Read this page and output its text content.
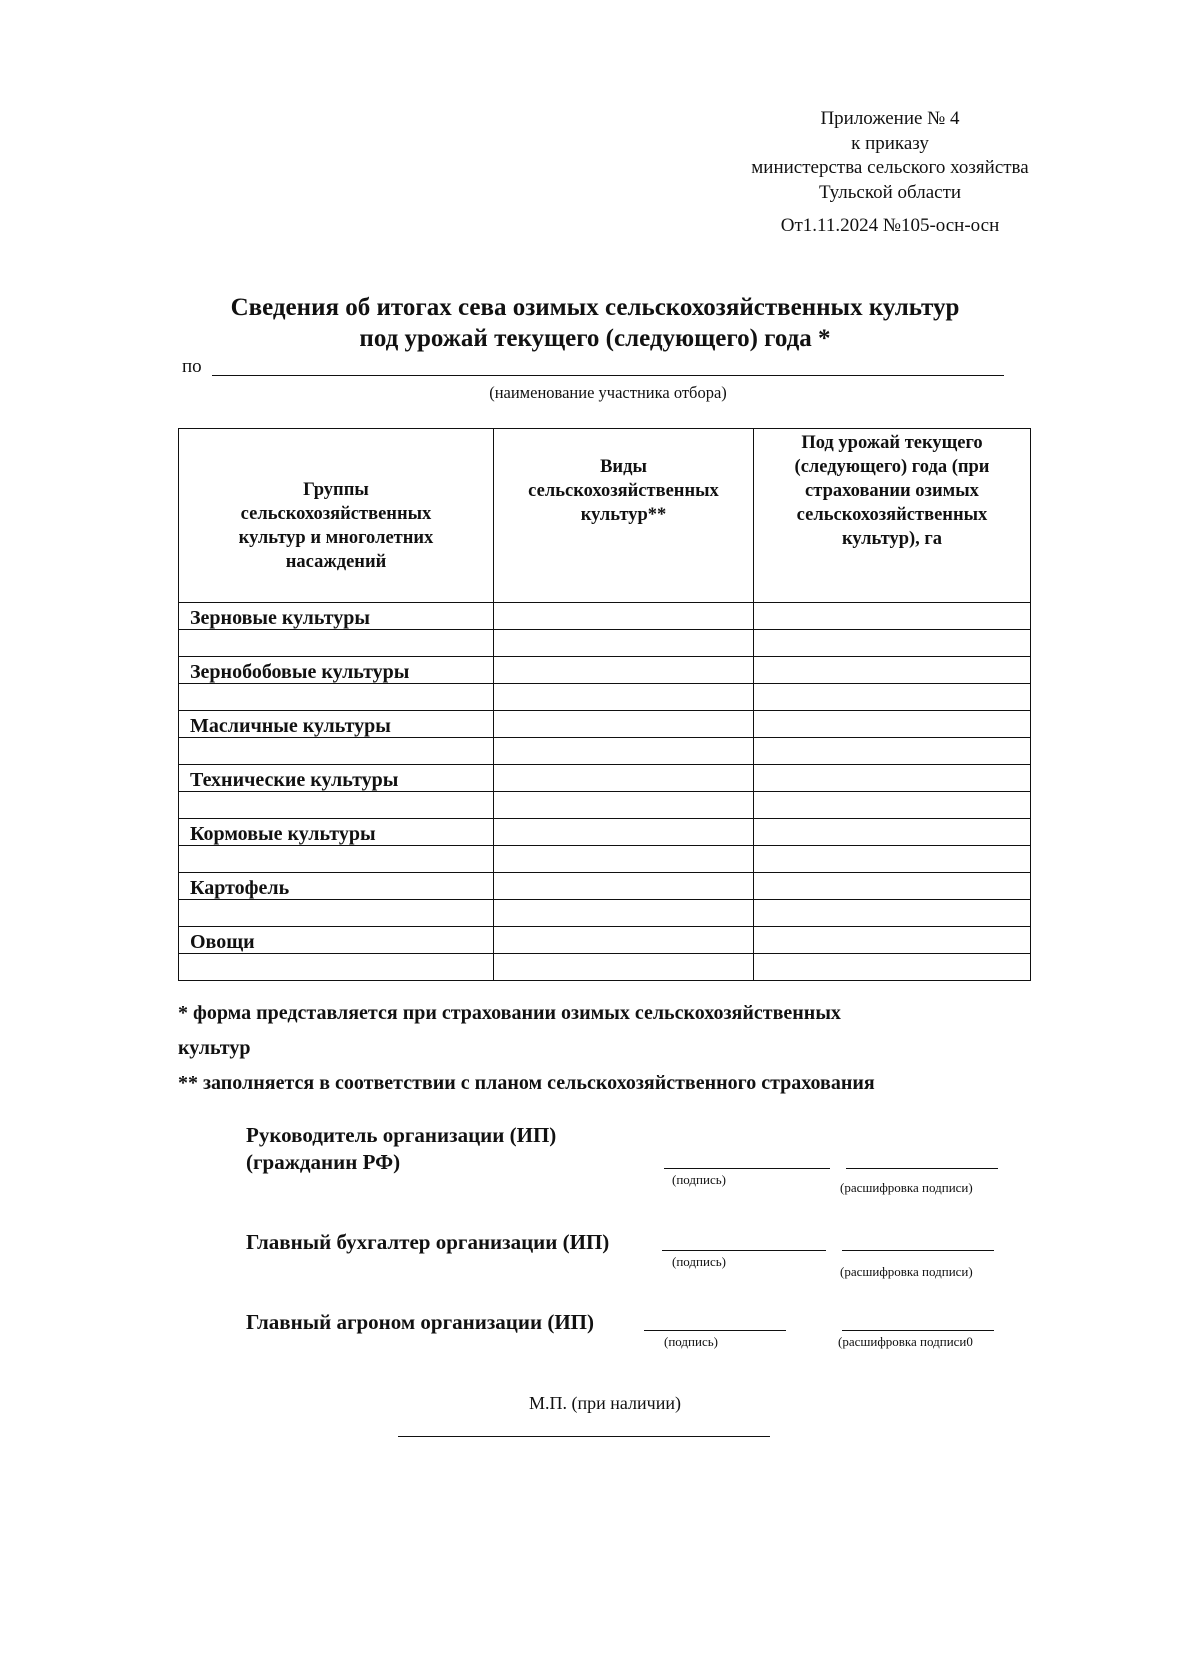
Приложение № 4
к приказу
министерства сельского хозяйства
Тульской области
От1.11.2024 №105-осн-осн
Сведения об итогах сева озимых сельскохозяйственных культур
под урожай текущего (следующего) года *
по
(наименование участника отбора)
Группы сельскохозяйственных культур и многолетних насаждений	Виды сельскохозяйственных культур**	Под урожай текущего (следующего) года (при страховании озимых сельскохозяйственных культур), га

Зерновые культуры		

Зернобобовые культуры		

Масличные культуры		

Технические культуры		

Кормовые культуры		

Картофель		

Овощи		

* форма представляется при страховании озимых сельскохозяйственных
культур
** заполняется в соответствии с планом сельскохозяйственного страхования
Руководитель организации (ИП)
(гражданин РФ)
(подпись)
(расшифровка подписи)
Главный бухгалтер организации (ИП)
(подпись)
(расшифровка подписи)
Главный агроном организации (ИП)
(подпись)	(расшифровка подписи0
М.П. (при наличии)
